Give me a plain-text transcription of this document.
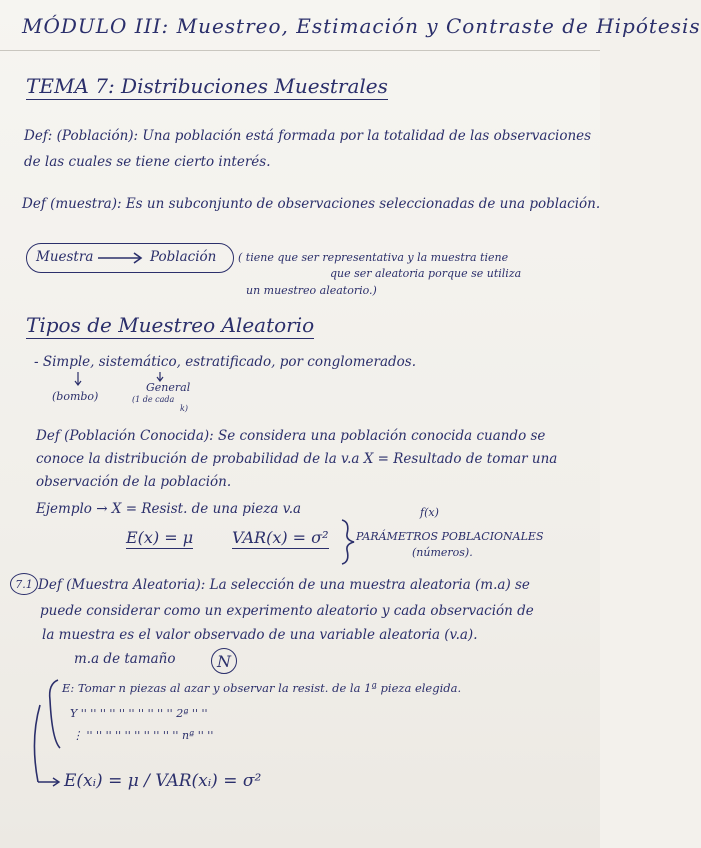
MÓDULO III: Muestreo, Estimación y Contraste de Hipótesis
TEMA 7: Distribuciones Muestrales
Def: (Población): Una población está formada por la totalidad de las observaciones
de las cuales se tiene cierto interés.
Def (muestra): Es un subconjunto de observaciones seleccionadas de una población.
Muestra	Población ( tiene que ser representativa y la muestra tiene
que ser aleatoria porque se utiliza
un muestreo aleatorio.)
Tipos de Muestreo Aleatorio
- Simple, sistemático, estratificado, por conglomerados.
(bombo)
General
(1 de cada
k)
Def (Población Conocida): Se considera una población conocida cuando se
conoce la distribución de probabilidad de la v.a X = Resultado de tomar una
observación de la población.
Ejemplo → X = Resist. de una pieza v.a	f(x)
E(x) = μ VAR(x) = σ²	PARÁMETROS POBLACIONALES
(números).
7.1 Def (Muestra Aleatoria): La selección de una muestra aleatoria (m.a) se
puede considerar como un experimento aleatorio y cada observación de
la muestra es el valor observado de una variable aleatoria (v.a).
m.a de tamaño	N
E: Tomar n piezas al azar y observar la resist. de la 1ª pieza elegida.
Y '' '' '' '' '' '' '' '' '' '' 2ª '' ''
⋮ '' '' '' '' '' '' '' '' '' '' nª '' ''
E(xᵢ) = μ / VAR(xᵢ) = σ²
